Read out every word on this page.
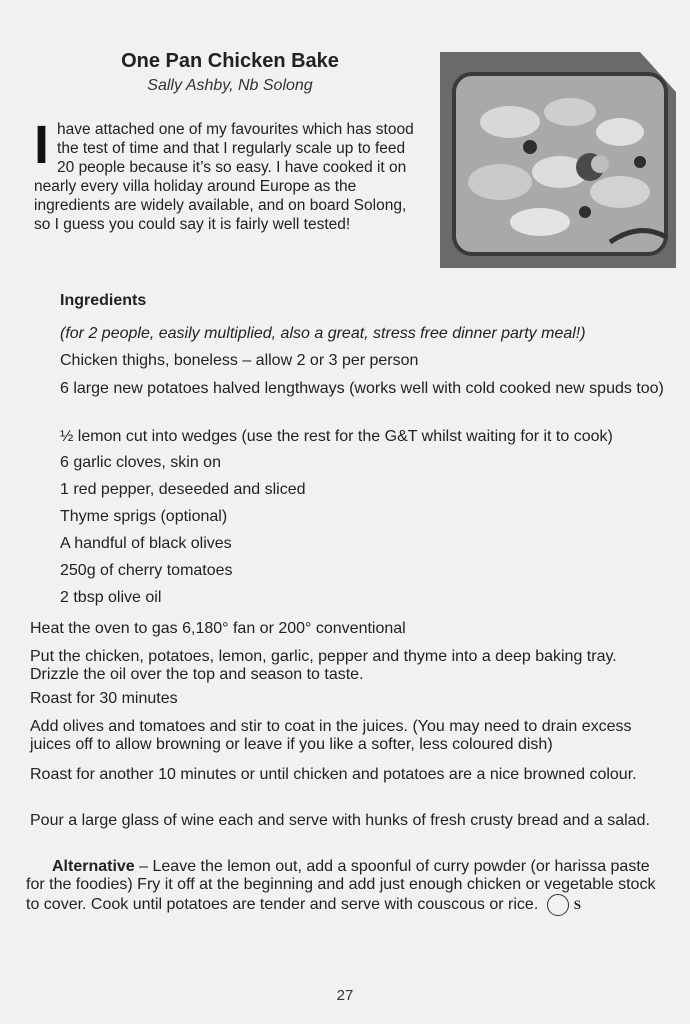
One Pan Chicken Bake
Sally Ashby, Nb Solong
Ihave attached one of my favourites which has stood the test of time and that I regularly scale up to feed 20 people because it’s so easy. I have cooked it on nearly every villa holiday around Europe as the ingredients are widely available, and on board Solong, so I guess you could say it is fairly well tested!
Ingredients
(for 2 people, easily multiplied, also a great, stress free dinner party meal!)
Chicken thighs, boneless – allow 2 or 3 per person
6 large new potatoes halved lengthways (works well with cold cooked new spuds too)
½ lemon cut into wedges (use the rest for the G&T whilst waiting for it to cook)
6 garlic cloves, skin on
1 red pepper, deseeded and sliced
Thyme sprigs (optional)
A handful of black olives
250g of cherry tomatoes
2 tbsp olive oil
Heat the oven to gas 6,180° fan or 200° conventional
Put the chicken, potatoes, lemon, garlic, pepper and thyme into a deep baking tray. Drizzle the oil over the top and season to taste.
Roast for 30 minutes
Add olives and tomatoes and stir to coat in the juices. (You may need to drain excess juices off to allow browning or leave if you like a softer, less coloured dish)
Roast for another 10 minutes or until chicken and potatoes are a nice browned colour.
Pour a large glass of wine each and serve with hunks of fresh crusty bread and a salad.
Alternative – Leave the lemon out, add a spoonful of curry powder (or harissa paste for the foodies) Fry it off at the beginning and add just enough chicken or vegetable stock to cover. Cook until potatoes are tender and serve with couscous or rice.	S
27
